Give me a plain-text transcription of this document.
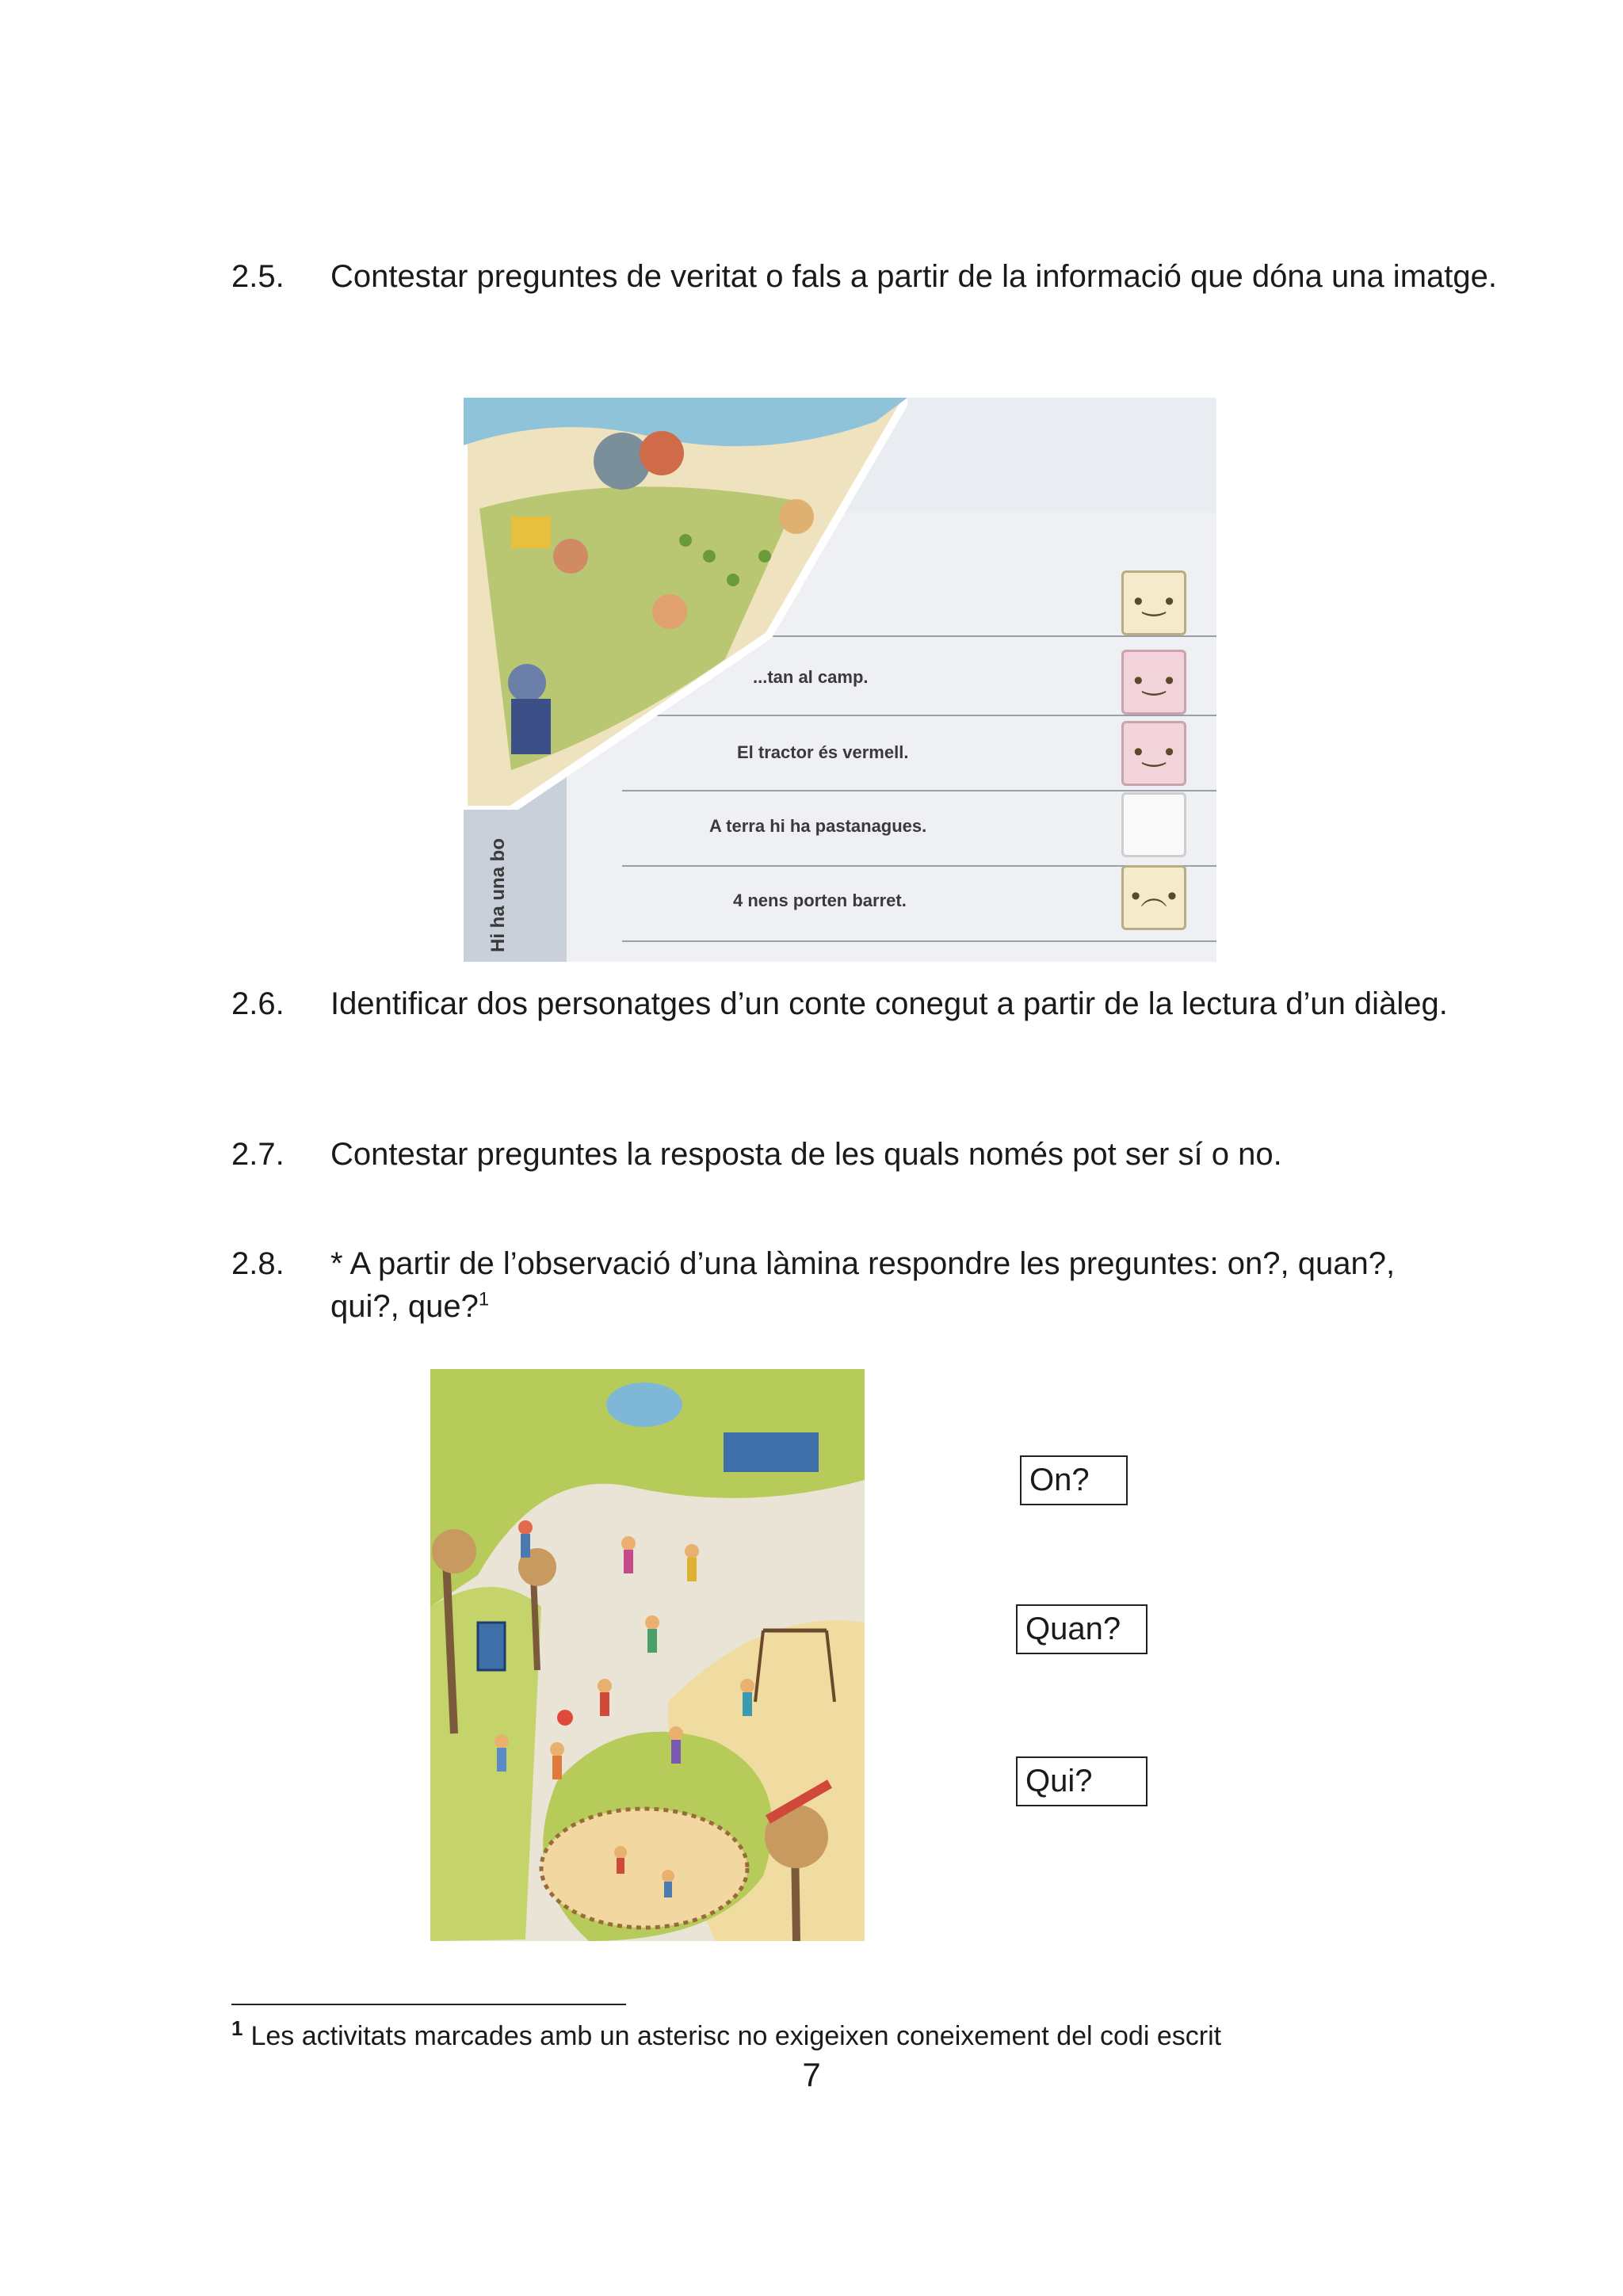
2.5. Contestar preguntes de veritat o fals a partir de la informació que dóna una imatge.
...tan al camp.
El tractor és vermell.
A terra hi ha pastanagues.
4 nens porten barret.
Hi ha una bo
•‿•
•‿•
•‿•
•︵•
2.6. Identificar dos personatges d’un conte conegut a partir de la lectura d’un diàleg.
2.7. Contestar preguntes la resposta de les quals només pot ser sí o no.
2.8. * A partir de l’observació d’una làmina respondre les preguntes: on?, quan?, qui?, que?$^1$
On?
Quan?
Qui?
$^1$ Les activitats marcades amb un asterisc no exigeixen coneixement del codi escrit
7
